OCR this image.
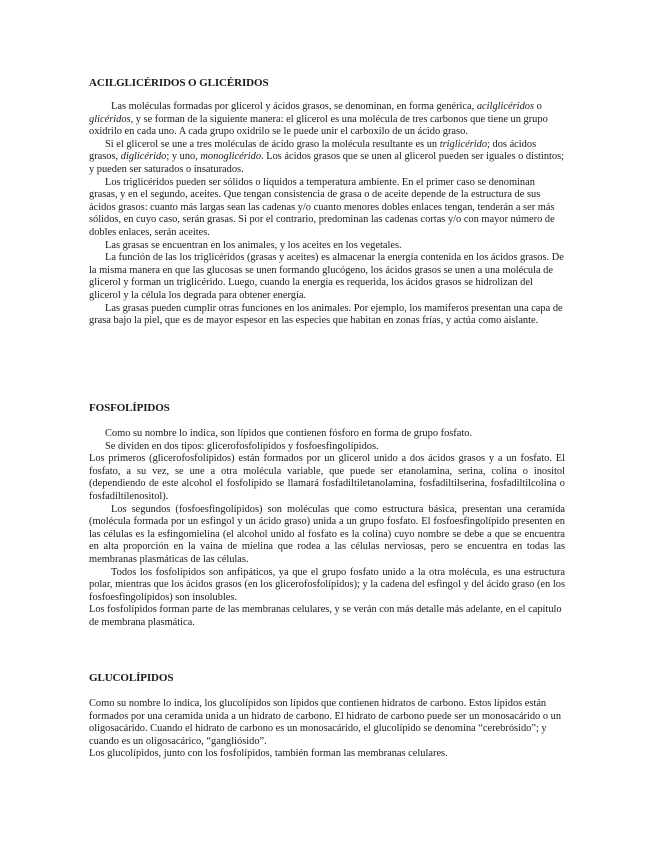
ACILGLICÉRIDOS O GLICÉRIDOS

Las moléculas formadas por glicerol y ácidos grasos, se denominan, en forma genérica, acilglicéridos o glicéridos, y se forman de la siguiente manera: el glicerol es una molécula de tres carbonos que tiene un grupo oxidrilo en cada uno. A cada grupo oxidrilo se le puede unir el carboxilo de un ácido graso.

Si el glicerol se une a tres moléculas de ácido graso la molécula resultante es un triglicérido; dos ácidos grasos, diglicérido; y uno, monoglicérido. Los ácidos grasos que se unen al glicerol pueden ser iguales o distintos; y pueden ser saturados o insaturados.

Los triglicéridos pueden ser sólidos o líquidos a temperatura ambiente. En el primer caso se denominan grasas, y en el segundo, aceites. Que tengan consistencia de grasa o de aceite depende de la estructura de sus ácidos grasos: cuanto más largas sean las cadenas y/o cuanto menores dobles enlaces tengan, tenderán a ser más sólidos, en cuyo caso, serán grasas. Si por el contrario, predominan las cadenas cortas y/o con mayor número de dobles enlaces, serán aceites.

Las grasas se encuentran en los animales, y los aceites en los vegetales.

La función de las los triglicéridos (grasas y aceites) es almacenar la energía contenida en los ácidos grasos. De la misma manera en que las glucosas se unen formando glucógeno, los ácidos grasos se unen a una molécula de glicerol y forman un triglicérido. Luego, cuando la energía es requerida, los ácidos grasos se hidrolizan del glicerol y la célula los degrada para obtener energía.

Las grasas pueden cumplir otras funciones en los animales. Por ejemplo, los mamíferos presentan una capa de grasa bajo la piel, que es de mayor espesor en las especies que habitan en zonas frías, y actúa como aislante.

FOSFOLÍPIDOS

Como su nombre lo indica, son lípidos que contienen fósforo en forma de grupo fosfato.

Se dividen en dos tipos: glicerofosfolípidos y fosfoesfingolípidos.

Los primeros (glicerofosfolípidos) están formados por un glicerol unido a dos ácidos grasos y a un fosfato. El fosfato, a su vez, se une a otra molécula variable, que puede ser etanolamina, serina, colina o inositol (dependiendo de este alcohol el fosfolípido se llamará fosfadiltiletanolamina, fosfadiltilserina, fosfadiltilcolina o fosfadiltilenositol).

Los segundos (fosfoesfingolípidos) son moléculas que como estructura básica, presentan una ceramida (molécula formada por un esfingol y un ácido graso) unida a un grupo fosfato. El fosfoesfingolípido presenten en las células es la esfingomielina (el alcohol unido al fosfato es la colina) cuyo nombre se debe a que se encuentra en alta proporción en la vaina de mielina que rodea a las células nerviosas, pero se encuentra en todas las membranas plasmáticas de las células.

Todos los fosfolípidos son anfipáticos, ya que el grupo fosfato unido a la otra molécula, es una estructura polar, mientras que los ácidos grasos (en los glicerofosfolípidos); y la cadena del esfingol y del ácido graso (en los fosfoesfingolípidos) son insolubles.

Los fosfolípidos forman parte de las membranas celulares, y se verán con más detalle más adelante, en el capítulo de membrana plasmática.

GLUCOLÍPIDOS

Como su nombre lo indica, los glucolípidos son lípidos que contienen hidratos de carbono. Estos lípidos están formados por una ceramida unida a un hidrato de carbono. El hidrato de carbono puede ser un monosacárido o un oligosacárido. Cuando el hidrato de carbono es un monosacárido, el glucolípido se denomina “cerebrósido”; y cuando es un oligosacárico, “gangliósido”.

Los glucolípidos, junto con los fosfolípidos, también forman las membranas celulares.
